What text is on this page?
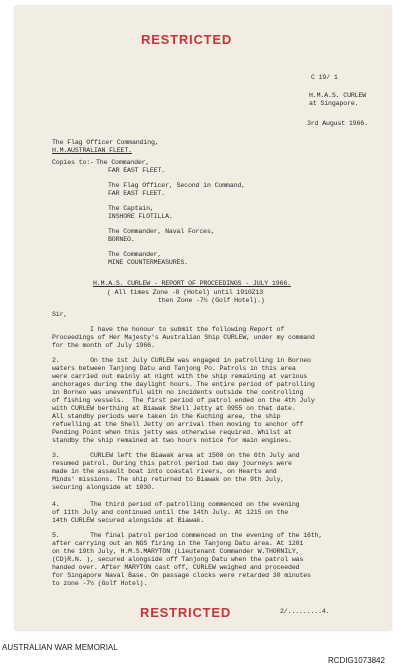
RESTRICTED
C 19/ 1
H.M.A.S. CURLEW
at Singapore.
3rd August 1966.
The Flag Officer Commanding,
H.M.AUSTRALIAN FLEET.
Copies to:- The Commander,
FAR EAST FLEET.
The Flag Officer, Second in Command,
FAR EAST FLEET.
The Captain,
INSHORE FLOTILLA.
The Commander, Naval Forces,
BORNEO.
The Commander,
MINE COUNTERMEASURES.
H.M.A.S. CURLEW - REPORT OF PROCEEDINGS - JULY 1966.
( All times Zone -8 (Hotel) until 1910Z13
then Zone -7½ (Golf Hotel).)
Sir,
I have the honour to submit the following Report of
Proceedings of Her Majesty's Australian Ship CURLEW, under my command
for the month of July 1966.
2.        On the 1st July CURLEW was engaged in patrolling in Borneo
waters between Tanjong Datu and Tanjong Po. Patrols in this area
were carried out mainly at night with the ship remaining at various
anchorages during the daylight hours. The entire period of patrolling
in Borneo was uneventful with no incidents outside the controlling
of fishing vessels.  The first period of patrol ended on the 4th July
with CURLEW berthing at Biawak Shell Jetty at 0955 on that date.
All standby periods were taken in the Kuching area, the ship
refuelling at the Shell Jetty on arrival then moving to anchor off
Pending Point when this jetty was otherwise required. Whilst at
standby the ship remained at two hours notice for main engines.
3.        CURLEW left the Biawak area at 1500 on the 6th July and
resumed patrol. During this patrol period two day journeys were
made in the assault boat into coastal rivers, on Hearts and
Minds' missions. The ship returned to Biawak on the 9th July,
securing alongside at 1030.
4.        The third period of patrolling commenced on the evening
of 11th July and continued until the 14th July. At 1215 on the
14th CURLEW secured alongside at Biawak.
5.        The final patrol period commenced on the evening of the 16th,
after carrying out an NGS firing in the Tanjong Datu area. At 1201
on the 19th July, H.M.S.MARYTON (Lieutenant Commander W.THORNILY,
(CD)R.N. ), secured alongside off Tanjong Datu when the patrol was
handed over. After MARYTON cast off, CURLEW weighed and proceeded
for Singapore Naval Base. On passage clocks were retarded 30 minutes
to zone -7½ (Golf Hotel).
RESTRICTED	2/.........4.
AUSTRALIAN WAR MEMORIAL
RCDIG1073842
